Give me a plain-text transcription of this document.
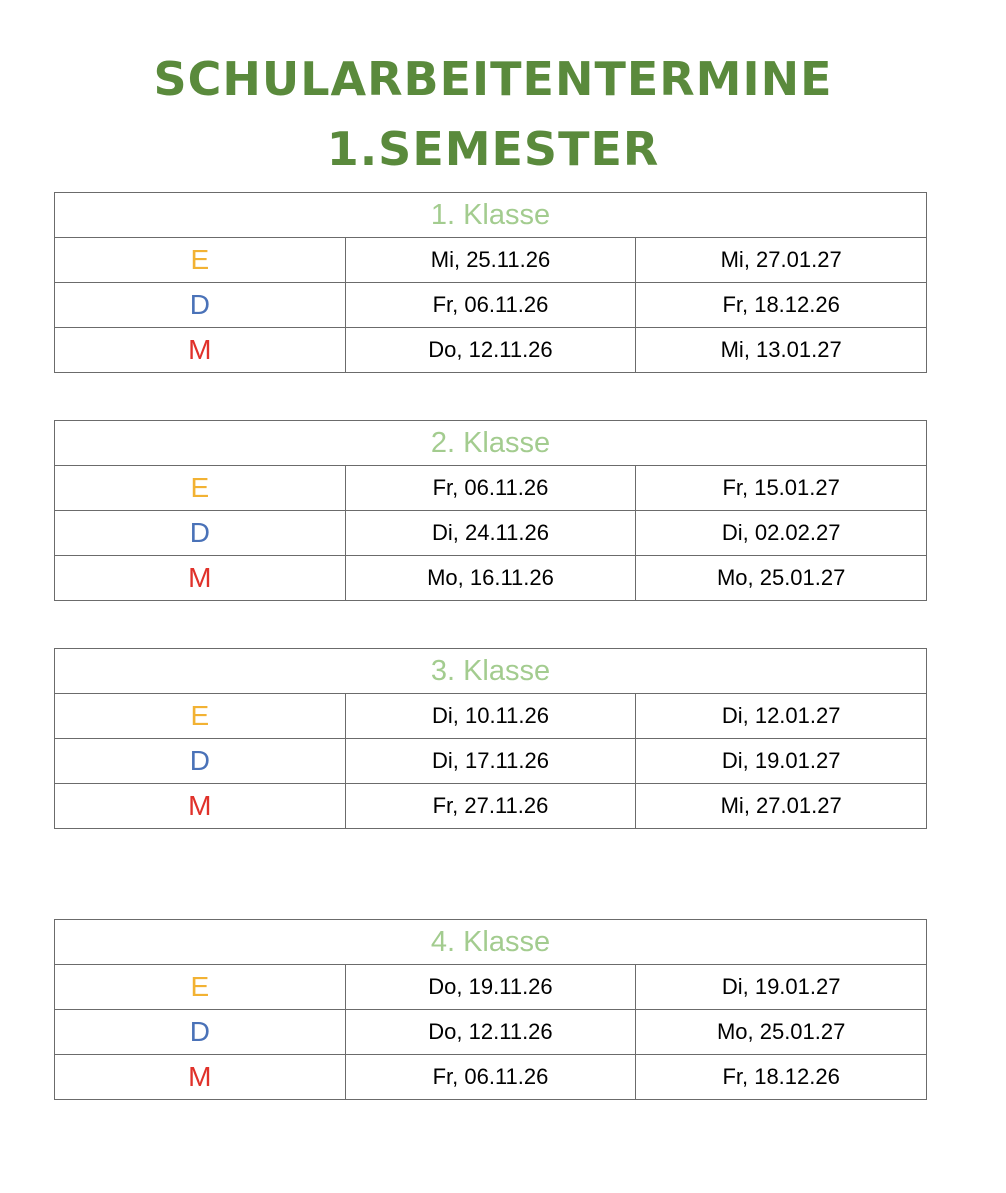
SCHULARBEITENTERMINE 1.SEMESTER
1. Klasse		
E	Mi, 25.11.26	Mi, 27.01.27
D	Fr, 06.11.26	Fr, 18.12.26
M	Do, 12.11.26	Mi, 13.01.27
2. Klasse		
E	Fr, 06.11.26	Fr, 15.01.27
D	Di, 24.11.26	Di, 02.02.27
M	Mo, 16.11.26	Mo, 25.01.27
3. Klasse		
E	Di, 10.11.26	Di, 12.01.27
D	Di, 17.11.26	Di, 19.01.27
M	Fr, 27.11.26	Mi, 27.01.27
4. Klasse		
E	Do, 19.11.26	Di, 19.01.27
D	Do, 12.11.26	Mo, 25.01.27
M	Fr, 06.11.26	Fr, 18.12.26
